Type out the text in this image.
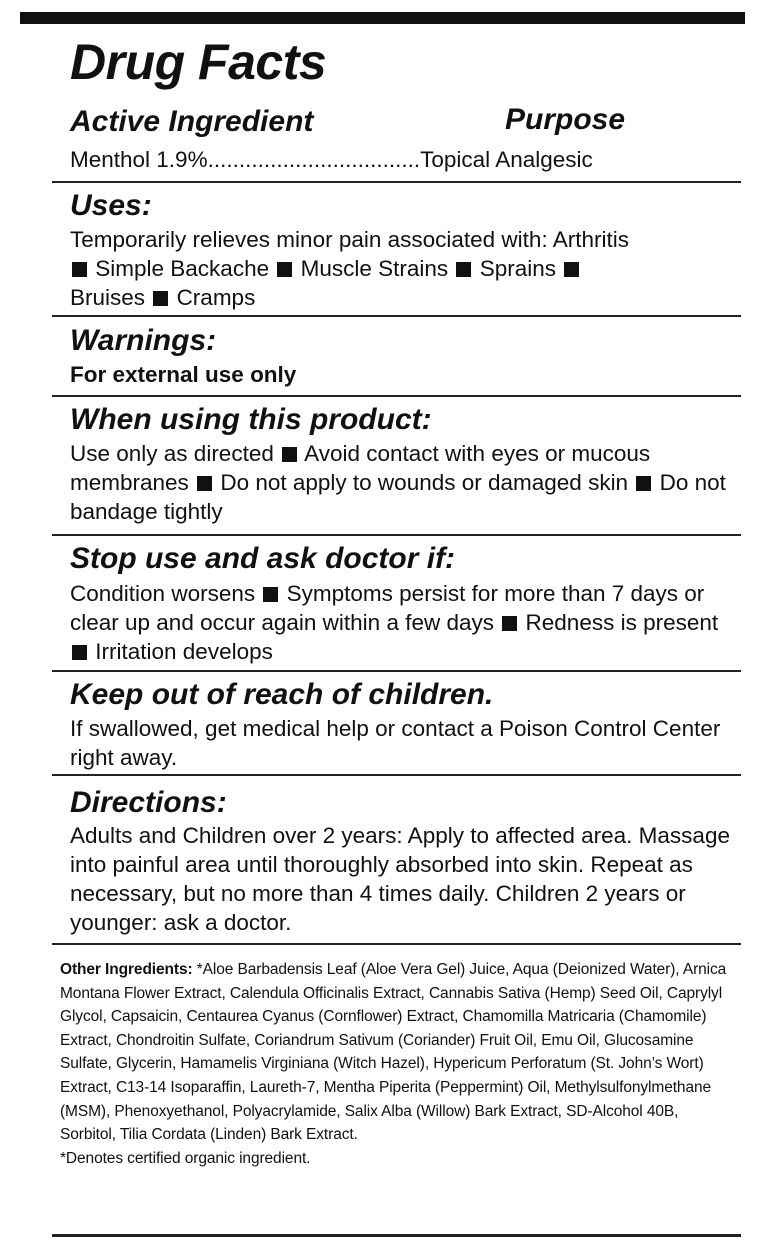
Drug Facts
Active Ingredient	Purpose
Menthol 1.9%..................................Topical Analgesic
Uses:
Temporarily relieves minor pain associated with: Arthritis
Simple Backache Muscle Strains Sprains
Bruises Cramps
Warnings:
For external use only
When using this product:
Use only as directed Avoid contact with eyes or mucous membranes Do not apply to wounds or damaged skin Do not bandage tightly
Stop use and ask doctor if:
Condition worsens Symptoms persist for more than 7 days or clear up and occur again within a few days Redness is present  Irritation develops
Keep out of reach of children.
If swallowed, get medical help or contact a Poison Control Center right away.
Directions:
Adults and Children over 2 years: Apply to affected area. Massage into painful area until thoroughly absorbed into skin. Repeat as necessary, but no more than 4 times daily. Children 2 years or younger: ask a doctor.
Other Ingredients: *Aloe Barbadensis Leaf (Aloe Vera Gel) Juice, Aqua (Deionized Water), Arnica Montana Flower Extract, Calendula Officinalis Extract, Cannabis Sativa (Hemp) Seed Oil, Caprylyl Glycol, Capsaicin, Centaurea Cyanus (Cornflower) Extract, Chamomilla Matricaria (Chamomile) Extract, Chondroitin Sulfate, Coriandrum Sativum (Coriander) Fruit Oil, Emu Oil, Glucosamine Sulfate, Glycerin, Hamamelis Virginiana (Witch Hazel), Hypericum Perforatum (St. John’s Wort) Extract, C13-14 Isoparaffin, Laureth-7, Mentha Piperita (Peppermint) Oil, Methylsulfonylmethane (MSM), Phenoxyethanol, Polyacrylamide, Salix Alba (Willow) Bark Extract, SD-Alcohol 40B, Sorbitol, Tilia Cordata (Linden) Bark Extract.
*Denotes certified organic ingredient.
